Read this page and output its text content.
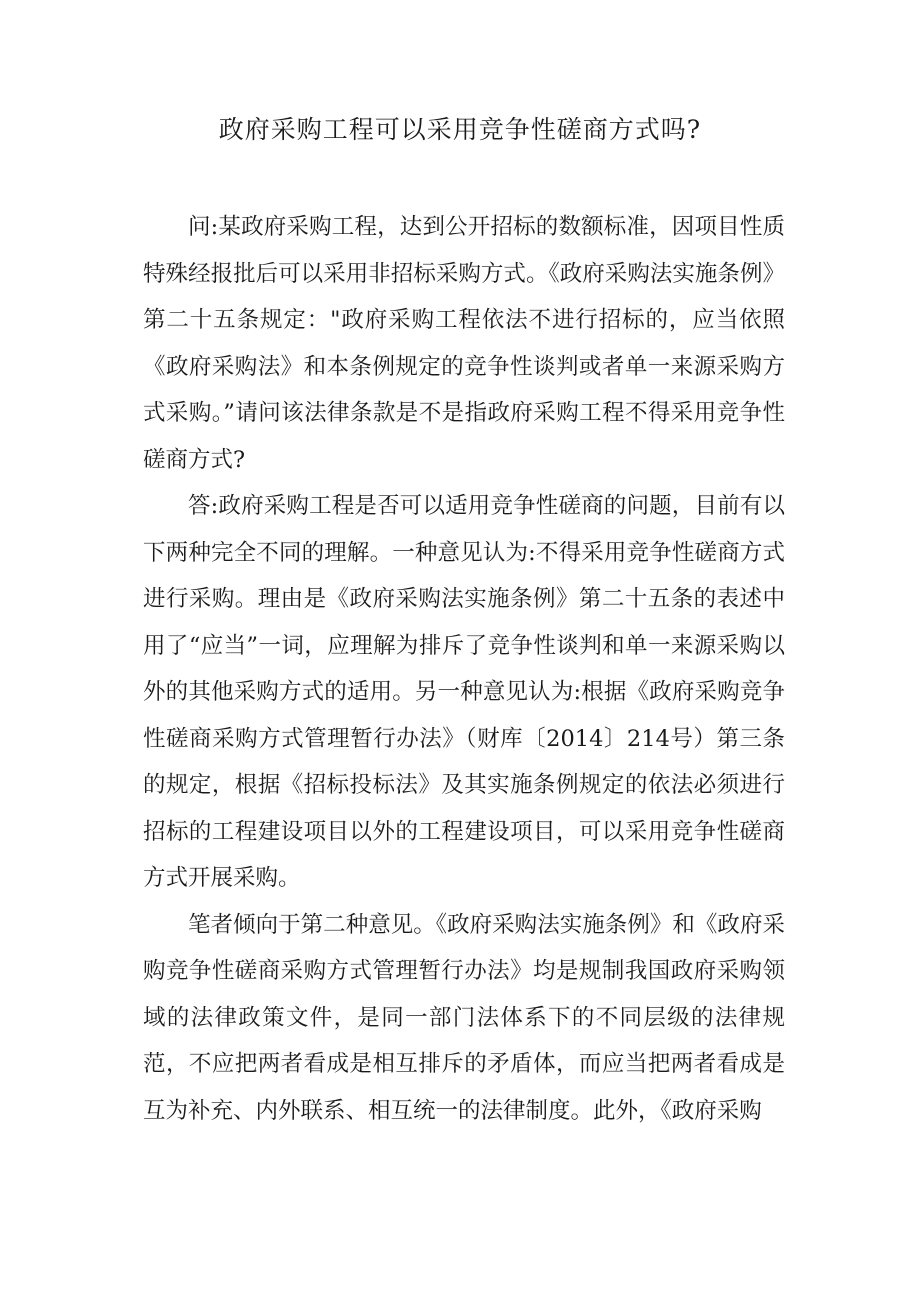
政府采购工程可以采用竞争性磋商方式吗?

问:某政府采购工程，达到公开招标的数额标准，因项目性质特殊经报批后可以采用非招标采购方式。《政府采购法实施条例》第二十五条规定："政府采购工程依法不进行招标的，应当依照《政府采购法》和本条例规定的竞争性谈判或者单一来源采购方式采购。”请问该法律条款是不是指政府采购工程不得采用竞争性磋商方式?

答:政府采购工程是否可以适用竞争性磋商的问题，目前有以下两种完全不同的理解。一种意见认为:不得采用竞争性磋商方式进行采购。理由是《政府采购法实施条例》第二十五条的表述中用了“应当”一词，应理解为排斥了竞争性谈判和单一来源采购以外的其他采购方式的适用。另一种意见认为:根据《政府采购竞争性磋商采购方式管理暂行办法》（财库〔2014〕214号）第三条的规定，根据《招标投标法》及其实施条例规定的依法必须进行招标的工程建设项目以外的工程建设项目，可以采用竞争性磋商方式开展采购。

笔者倾向于第二种意见。《政府采购法实施条例》和《政府采购竞争性磋商采购方式管理暂行办法》均是规制我国政府采购领域的法律政策文件，是同一部门法体系下的不同层级的法律规范，不应把两者看成是相互排斥的矛盾体，而应当把两者看成是互为补充、内外联系、相互统一的法律制度。此外，《政府采购
